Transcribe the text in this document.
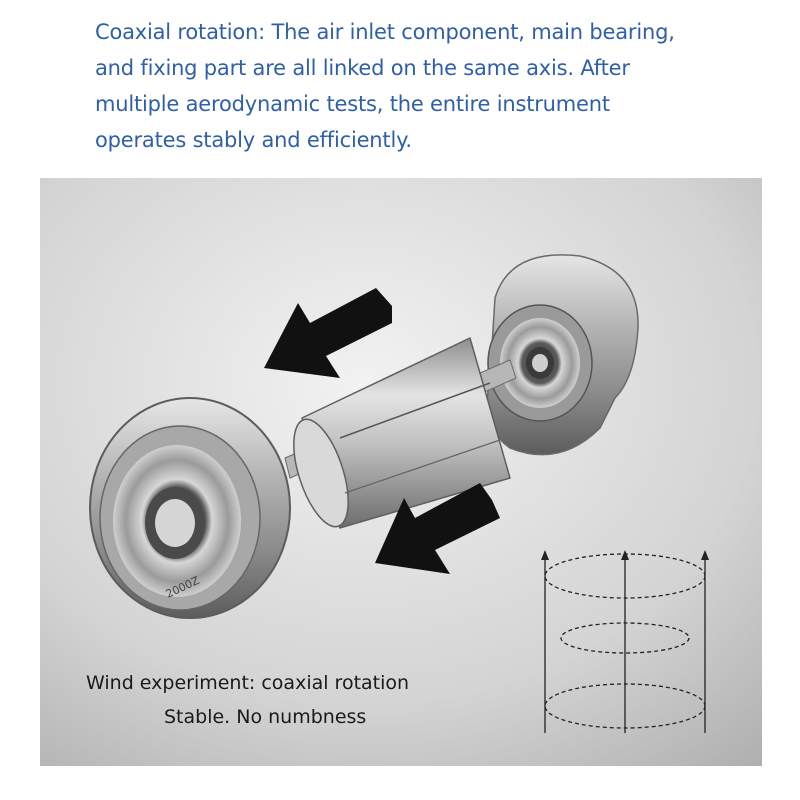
Coaxial rotation: The air inlet component, main bearing,
and fixing part are all linked on the same axis. After
multiple aerodynamic tests, the entire instrument
operates stably and efficiently.
2000Z
Wind experiment: coaxial rotation
Stable. No numbness
